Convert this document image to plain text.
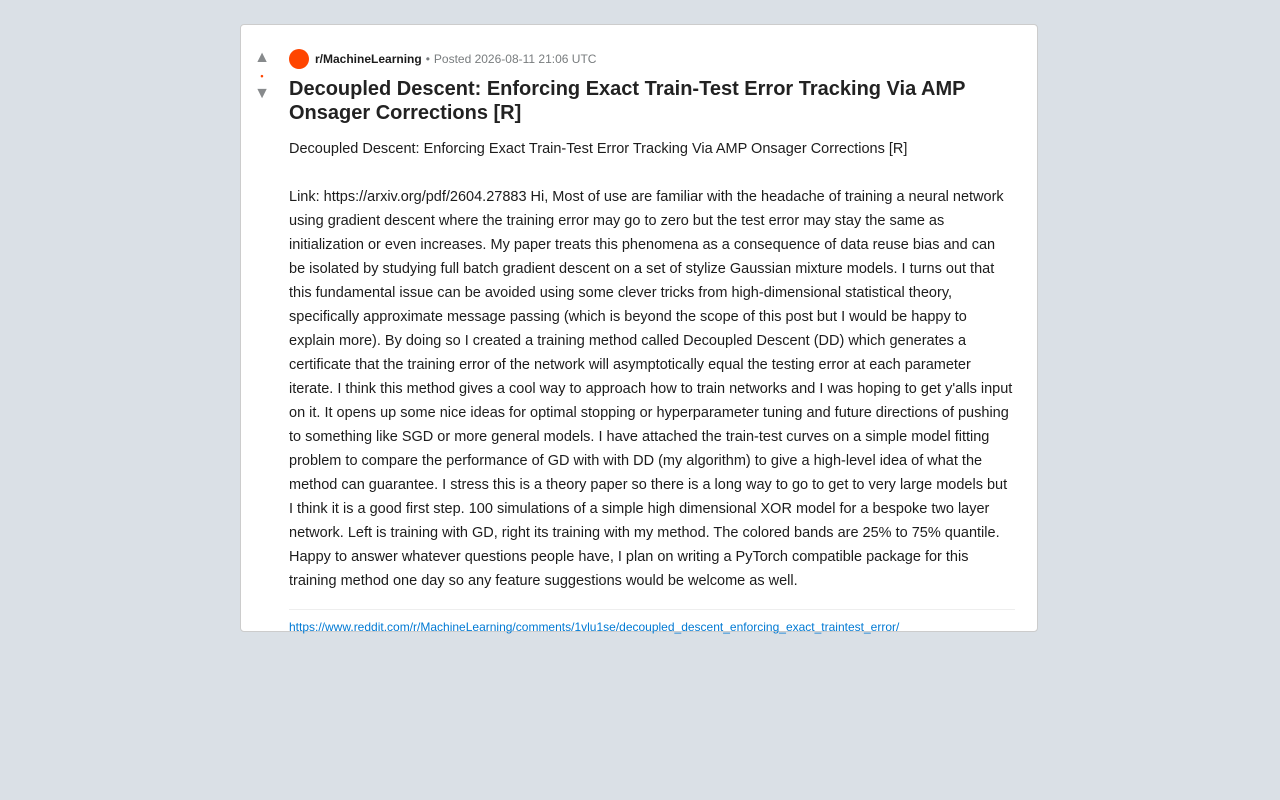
▲
•
▼
r/MachineLearning • Posted 2026-08-11 21:06 UTC
Decoupled Descent: Enforcing Exact Train-Test Error Tracking Via AMP Onsager Corrections [R]

Decoupled Descent: Enforcing Exact Train-Test Error Tracking Via AMP Onsager Corrections [R]

Link: https://arxiv.org/pdf/2604.27883 Hi, Most of use are familiar with the headache of training a neural network using gradient descent where the training error may go to zero but the test error may stay the same as initialization or even increases. My paper treats this phenomena as a consequence of data reuse bias and can be isolated by studying full batch gradient descent on a set of stylize Gaussian mixture models. I turns out that this fundamental issue can be avoided using some clever tricks from high-dimensional statistical theory, specifically approximate message passing (which is beyond the scope of this post but I would be happy to explain more). By doing so I created a training method called Decoupled Descent (DD) which generates a certificate that the training error of the network will asymptotically equal the testing error at each parameter iterate. I think this method gives a cool way to approach how to train networks and I was hoping to get y'alls input on it. It opens up some nice ideas for optimal stopping or hyperparameter tuning and future directions of pushing to something like SGD or more general models. I have attached the train-test curves on a simple model fitting problem to compare the performance of GD with with DD (my algorithm) to give a high-level idea of what the method can guarantee. I stress this is a theory paper so there is a long way to go to get to very large models but I think it is a good first step. 100 simulations of a simple high dimensional XOR model for a bespoke two layer network. Left is training with GD, right its training with my method. The colored bands are 25% to 75% quantile. Happy to answer whatever questions people have, I plan on writing a PyTorch compatible package for this training method one day so any feature suggestions would be welcome as well.

https://www.reddit.com/r/MachineLearning/comments/1vlu1se/decoupled_descent_enforcing_exact_traintest_error/
